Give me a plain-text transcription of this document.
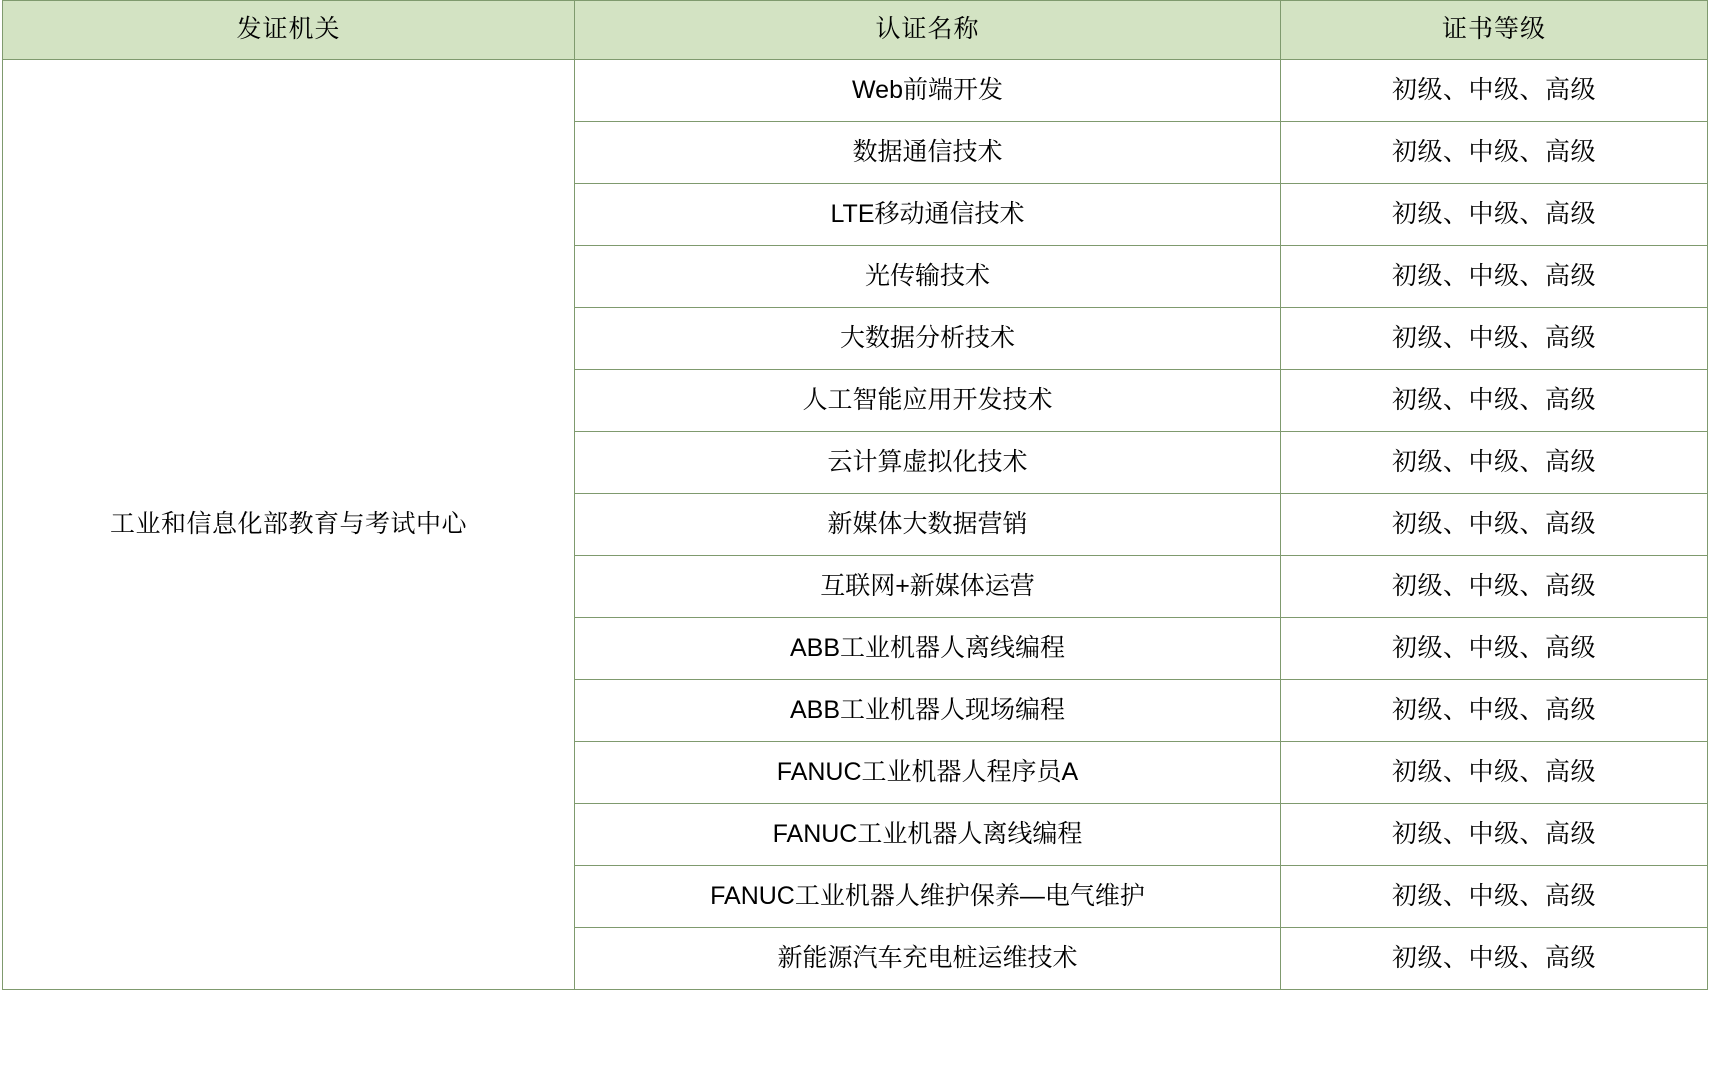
发证机关	认证名称	证书等级
工业和信息化部教育与考试中心	Web前端开发	初级、中级、高级
	数据通信技术	初级、中级、高级
	LTE移动通信技术	初级、中级、高级
	光传输技术	初级、中级、高级
	大数据分析技术	初级、中级、高级
	人工智能应用开发技术	初级、中级、高级
	云计算虚拟化技术	初级、中级、高级
	新媒体大数据营销	初级、中级、高级
	互联网+新媒体运营	初级、中级、高级
	ABB工业机器人离线编程	初级、中级、高级
	ABB工业机器人现场编程	初级、中级、高级
	FANUC工业机器人程序员A	初级、中级、高级
	FANUC工业机器人离线编程	初级、中级、高级
	FANUC工业机器人维护保养—电气维护	初级、中级、高级
	新能源汽车充电桩运维技术	初级、中级、高级
